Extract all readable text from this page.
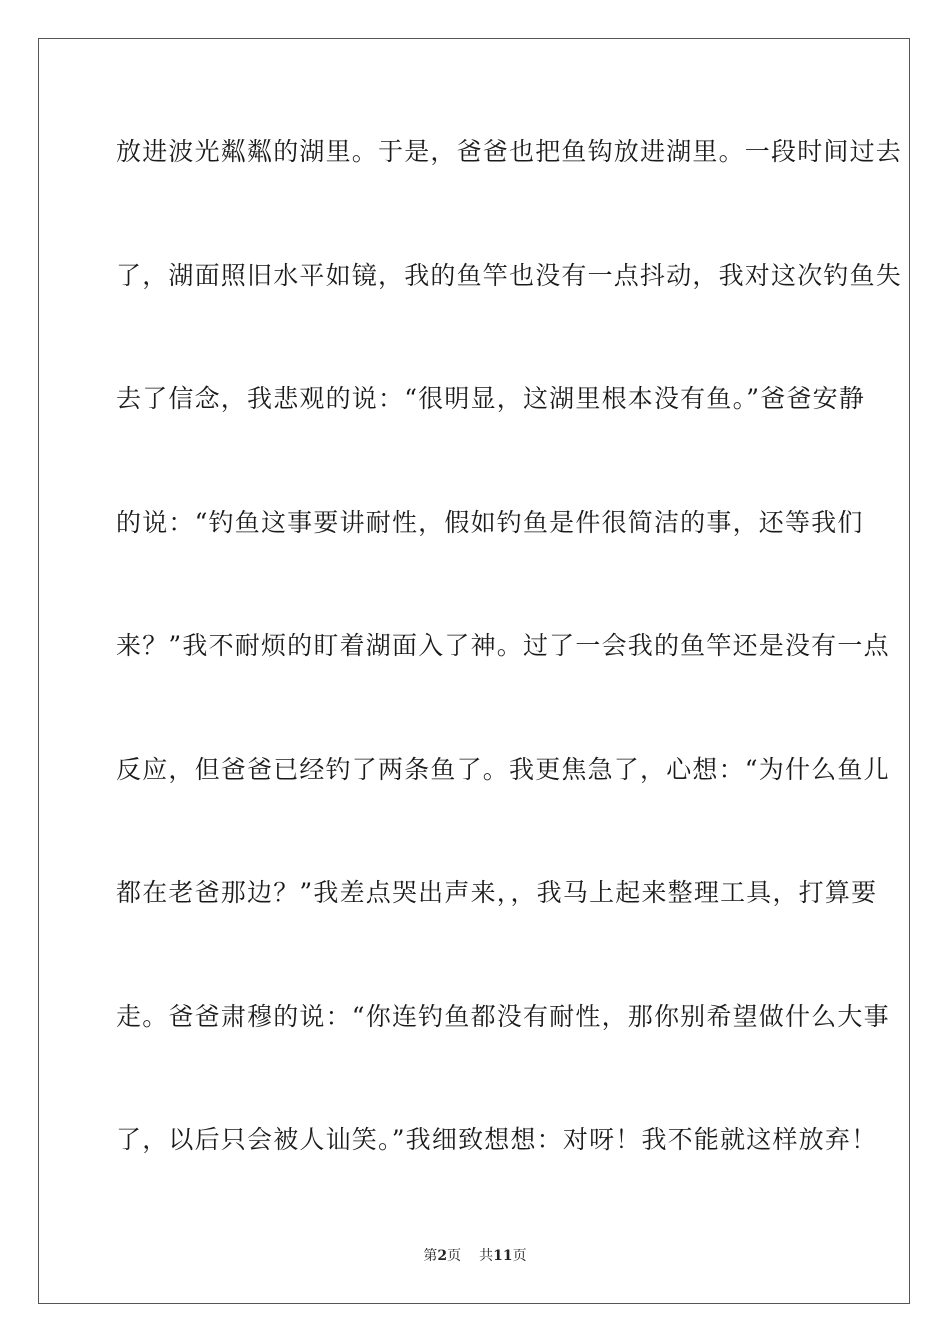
放进波光粼粼的湖里。于是，爸爸也把鱼钩放进湖里。一段时间过去
了，湖面照旧水平如镜，我的鱼竿也没有一点抖动，我对这次钓鱼失
去了信念，我悲观的说：“很明显，这湖里根本没有鱼。”爸爸安静
的说：“钓鱼这事要讲耐性，假如钓鱼是件很简洁的事，还等我们
来？”我不耐烦的盯着湖面入了神。过了一会我的鱼竿还是没有一点
反应，但爸爸已经钓了两条鱼了。我更焦急了，心想：“为什么鱼儿
都在老爸那边？”我差点哭出声来，，我马上起来整理工具，打算要
走。爸爸肃穆的说：“你连钓鱼都没有耐性，那你别希望做什么大事
了，以后只会被人讪笑。”我细致想想：对呀！我不能就这样放弃！
第2页 共11页
